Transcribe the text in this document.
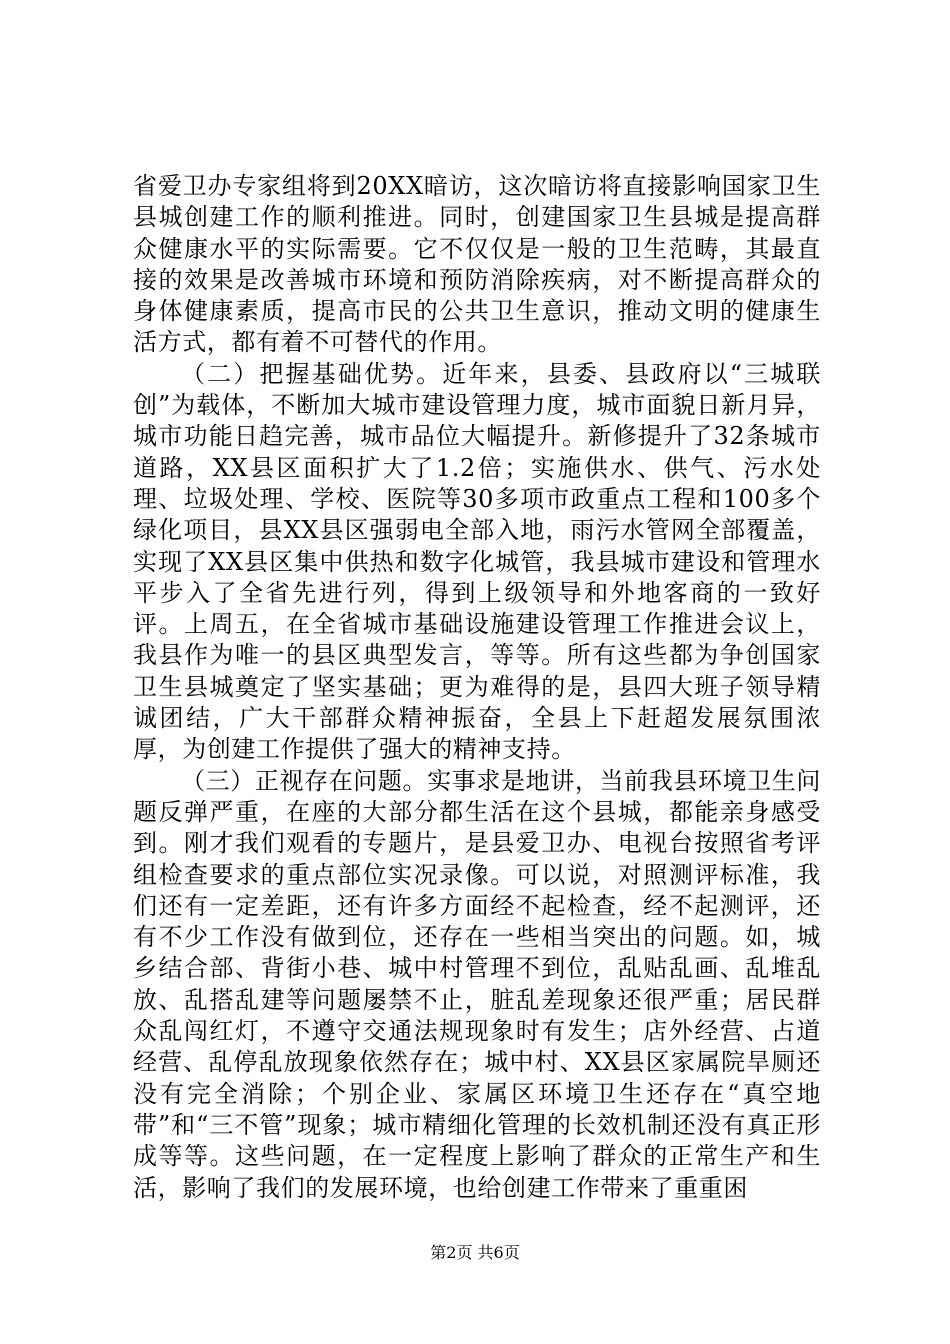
省爱卫办专家组将到20XX暗访，这次暗访将直接影响国家卫生县城创建工作的顺利推进。同时，创建国家卫生县城是提高群众健康水平的实际需要。它不仅仅是一般的卫生范畴，其最直接的效果是改善城市环境和预防消除疾病，对不断提高群众的身体健康素质，提高市民的公共卫生意识，推动文明的健康生活方式，都有着不可替代的作用。

（二）把握基础优势。近年来，县委、县政府以“三城联创”为载体，不断加大城市建设管理力度，城市面貌日新月异，城市功能日趋完善，城市品位大幅提升。新修提升了32条城市道路，XX县区面积扩大了1.2倍；实施供水、供气、污水处理、垃圾处理、学校、医院等30多项市政重点工程和100多个绿化项目，县XX县区强弱电全部入地，雨污水管网全部覆盖，实现了XX县区集中供热和数字化城管，我县城市建设和管理水平步入了全省先进行列，得到上级领导和外地客商的一致好评。上周五，在全省城市基础设施建设管理工作推进会议上，我县作为唯一的县区典型发言，等等。所有这些都为争创国家卫生县城奠定了坚实基础；更为难得的是，县四大班子领导精诚团结，广大干部群众精神振奋，全县上下赶超发展氛围浓厚，为创建工作提供了强大的精神支持。

（三）正视存在问题。实事求是地讲，当前我县环境卫生问题反弹严重，在座的大部分都生活在这个县城，都能亲身感受到。刚才我们观看的专题片，是县爱卫办、电视台按照省考评组检查要求的重点部位实况录像。可以说，对照测评标准，我们还有一定差距，还有许多方面经不起检查，经不起测评，还有不少工作没有做到位，还存在一些相当突出的问题。如，城乡结合部、背街小巷、城中村管理不到位，乱贴乱画、乱堆乱放、乱搭乱建等问题屡禁不止，脏乱差现象还很严重；居民群众乱闯红灯，不遵守交通法规现象时有发生；店外经营、占道经营、乱停乱放现象依然存在；城中村、XX县区家属院旱厕还没有完全消除；个别企业、家属区环境卫生还存在“真空地带”和“三不管”现象；城市精细化管理的长效机制还没有真正形成等等。这些问题，在一定程度上影响了群众的正常生产和生活，影响了我们的发展环境，也给创建工作带来了重重困

第2页 共6页
